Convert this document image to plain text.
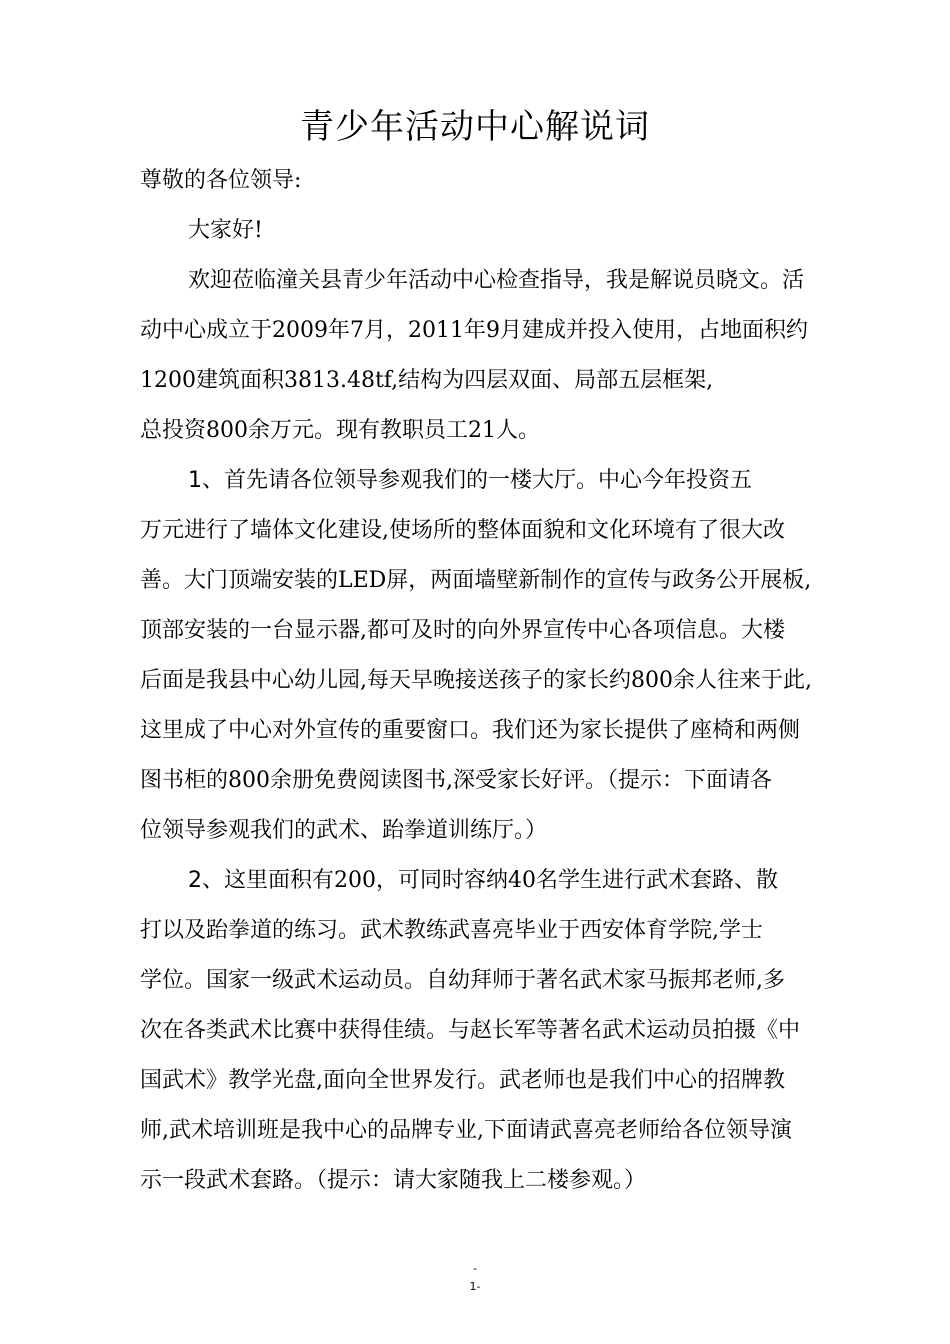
青少年活动中心解说词
尊敬的各位领导:
大家好!
欢迎莅临潼关县青少年活动中心检查指导，我是解说员晓文。活
动中心成立于2009年7月，2011年9月建成并投入使用，占地面积约
1200建筑面积3813.48tf,结构为四层双面、局部五层框架,
总投资800余万元。现有教职员工21人。
1、首先请各位领导参观我们的一楼大厅。中心今年投资五
万元进行了墙体文化建设,使场所的整体面貌和文化环境有了很大改
善。大门顶端安装的LED屏，两面墙壁新制作的宣传与政务公开展板,
顶部安装的一台显示器,都可及时的向外界宣传中心各项信息。大楼
后面是我县中心幼儿园,每天早晚接送孩子的家长约800余人往来于此,
这里成了中心对外宣传的重要窗口。我们还为家长提供了座椅和两侧
图书柜的800余册免费阅读图书,深受家长好评。（提示：下面请各
位领导参观我们的武术、跆拳道训练厅。）
2、这里面积有200，可同时容纳40名学生进行武术套路、散
打以及跆拳道的练习。武术教练武喜亮毕业于西安体育学院,学士
学位。国家一级武术运动员。自幼拜师于著名武术家马振邦老师,多
次在各类武术比赛中获得佳绩。与赵长军等著名武术运动员拍摄《中
国武术》教学光盘,面向全世界发行。武老师也是我们中心的招牌教
师,武术培训班是我中心的品牌专业,下面请武喜亮老师给各位领导演
示一段武术套路。（提示：请大家随我上二楼参观。）
-
1-
